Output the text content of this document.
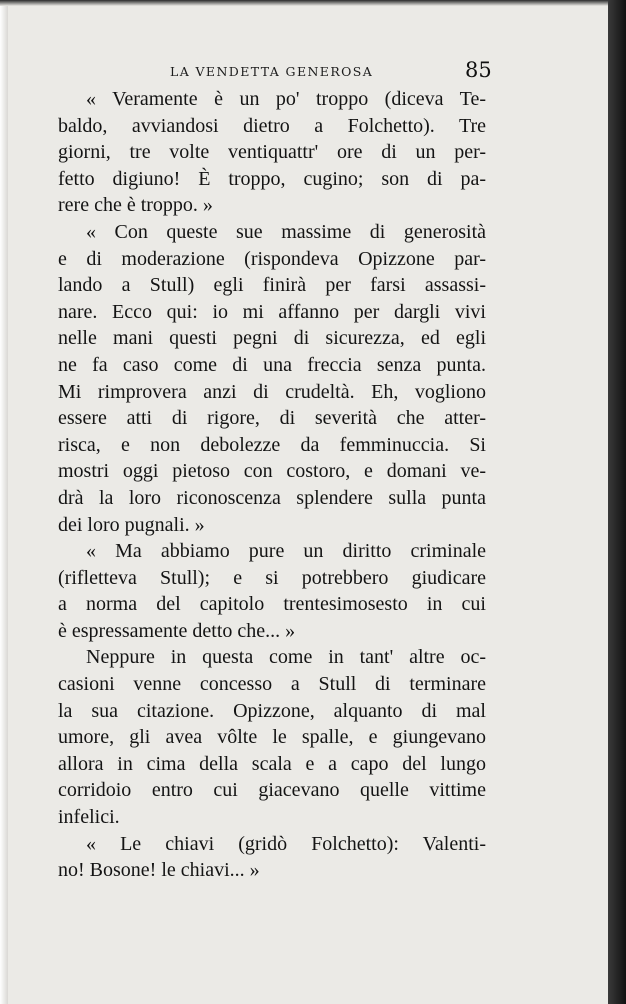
LA VENDETTA GENEROSA	85

« Veramente è un po' troppo (diceva Te-
baldo, avviandosi dietro a Folchetto). Tre
giorni, tre volte ventiquattr' ore di un per-
fetto digiuno! È troppo, cugino; son di pa-
rere che è troppo. »

« Con queste sue massime di generosità
e di moderazione (rispondeva Opizzone par-
lando a Stull) egli finirà per farsi assassi-
nare. Ecco qui: io mi affanno per dargli vivi
nelle mani questi pegni di sicurezza, ed egli
ne fa caso come di una freccia senza punta.
Mi rimprovera anzi di crudeltà. Eh, vogliono
essere atti di rigore, di severità che atter-
risca, e non debolezze da femminuccia. Si
mostri oggi pietoso con costoro, e domani ve-
drà la loro riconoscenza splendere sulla punta
dei loro pugnali. »

« Ma abbiamo pure un diritto criminale
(rifletteva Stull); e si potrebbero giudicare
a norma del capitolo trentesimosesto in cui
è espressamente detto che... »

Neppure in questa come in tant' altre oc-
casioni venne concesso a Stull di terminare
la sua citazione. Opizzone, alquanto di mal
umore, gli avea vôlte le spalle, e giungevano
allora in cima della scala e a capo del lungo
corridoio entro cui giacevano quelle vittime
infelici.

« Le chiavi (gridò Folchetto): Valenti-
no! Bosone! le chiavi... »
